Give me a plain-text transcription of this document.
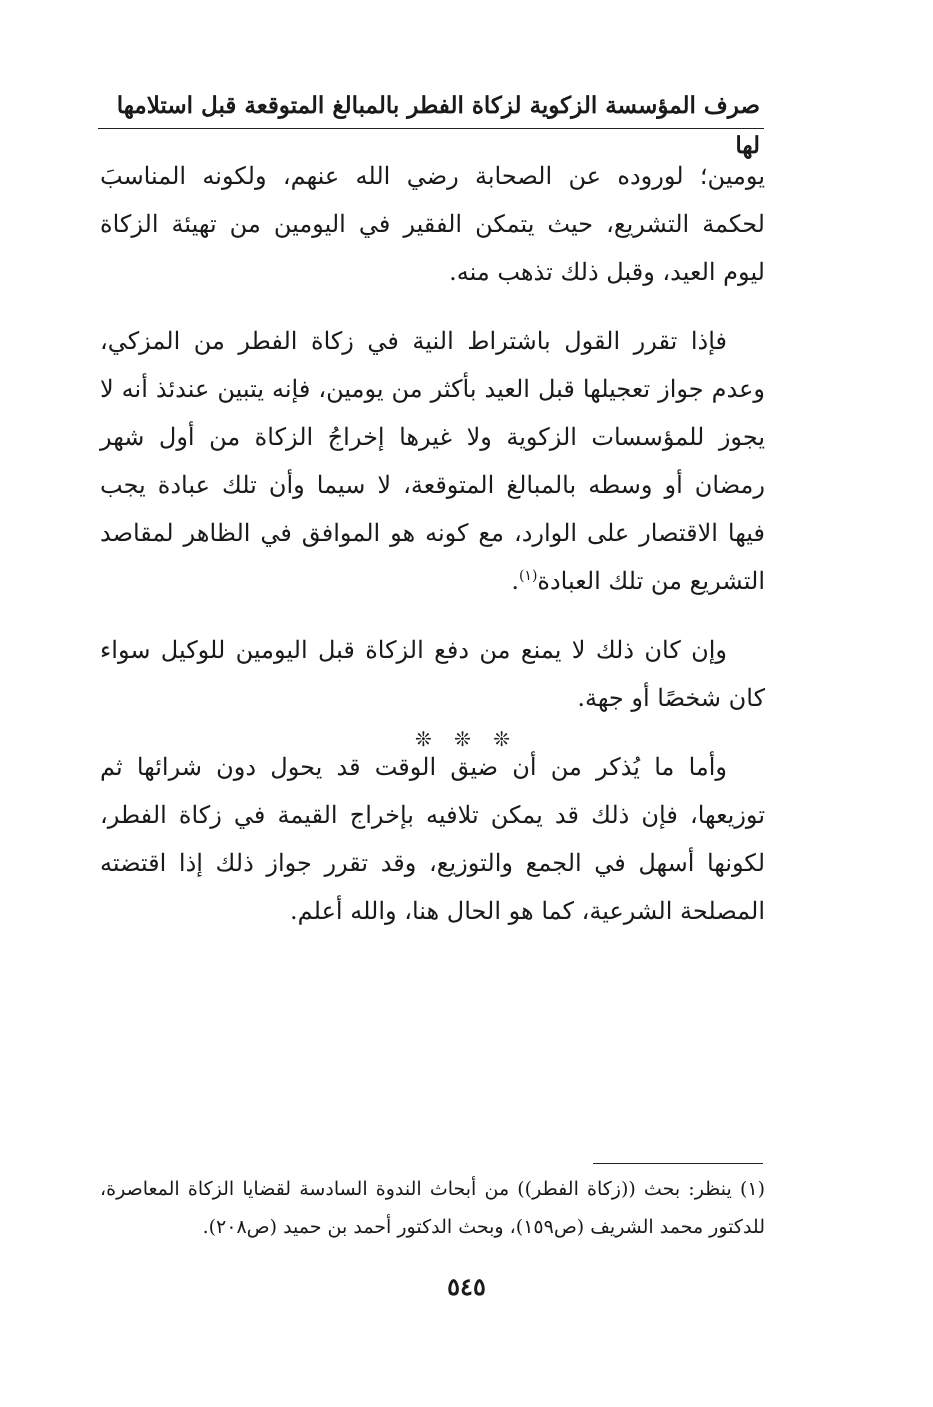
صرف المؤسسة الزكوية لزكاة الفطر بالمبالغ المتوقعة قبل استلامها لها

يومين؛ لوروده عن الصحابة رضي الله عنهم، ولكونه المناسبَ لحكمة التشريع، حيث يتمكن الفقير في اليومين من تهيئة الزكاة ليوم العيد، وقبل ذلك تذهب منه.

فإذا تقرر القول باشتراط النية في زكاة الفطر من المزكي، وعدم جواز تعجيلها قبل العيد بأكثر من يومين، فإنه يتبين عندئذ أنه لا يجوز للمؤسسات الزكوية ولا غيرها إخراجُ الزكاة من أول شهر رمضان أو وسطه بالمبالغ المتوقعة، لا سيما وأن تلك عبادة يجب فيها الاقتصار على الوارد، مع كونه هو الموافق في الظاهر لمقاصد التشريع من تلك العبادة$^{(١)}$.

وإن كان ذلك لا يمنع من دفع الزكاة قبل اليومين للوكيل سواء كان شخصًا أو جهة.

وأما ما يُذكر من أن ضيق الوقت قد يحول دون شرائها ثم توزيعها، فإن ذلك قد يمكن تلافيه بإخراج القيمة في زكاة الفطر، لكونها أسهل في الجمع والتوزيع، وقد تقرر جواز ذلك إذا اقتضته المصلحة الشرعية، كما هو الحال هنا، والله أعلم.

❊ ❊ ❊
(١) ينظر: بحث ((زكاة الفطر)) من أبحاث الندوة السادسة لقضايا الزكاة المعاصرة، للدكتور محمد الشريف (ص١٥٩)، وبحث الدكتور أحمد بن حميد (ص٢٠٨).
٥٤٥
